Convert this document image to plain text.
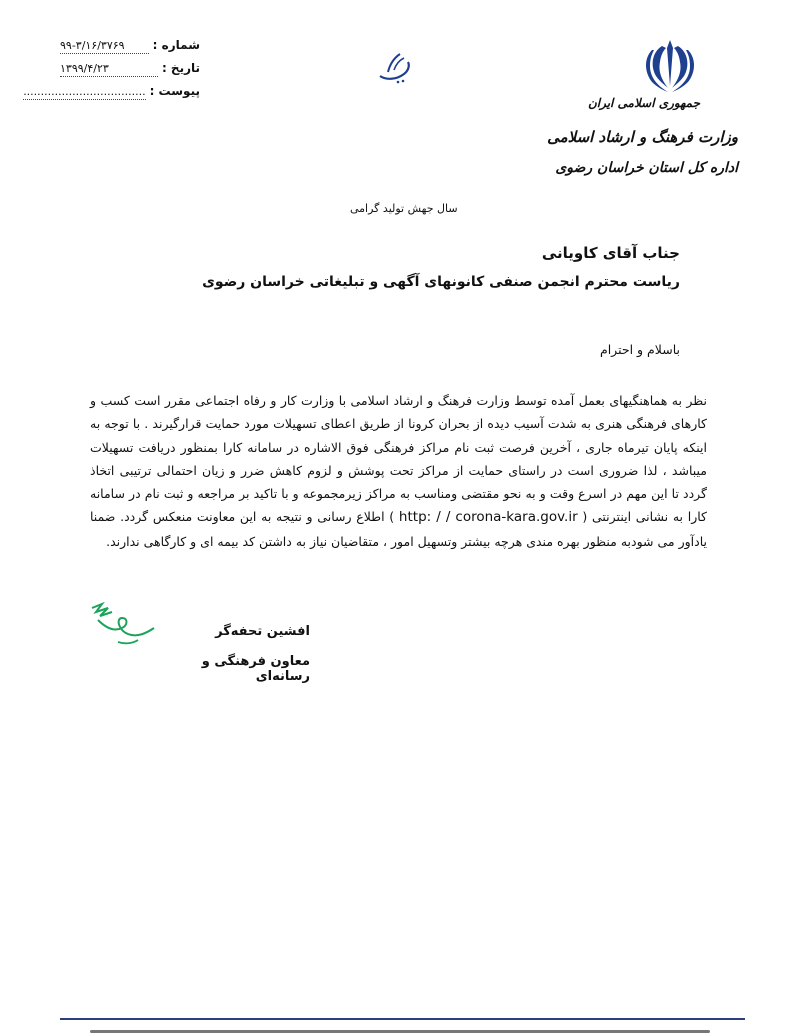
شماره :
۹۹-۳/۱۶/۳۷۶۹
تاریخ :
۱۳۹۹/۴/۲۳
پیوست :
...................................
جمهوری اسلامی ایران
وزارت فرهنگ و ارشاد اسلامی
اداره کل استان خراسان رضوی
سال جهش تولید گرامی
جناب آقای کاویانی
ریاست محترم انجمن صنفی کانونهای آگهی و تبلیغاتی خراسان رضوی
باسلام و احترام
نظر به هماهنگیهای بعمل آمده توسط وزارت فرهنگ و ارشاد اسلامی با وزارت کار و رفاه اجتماعی مقرر است کسب و کارهای فرهنگی هنری به شدت آسیب دیده از بحران کرونا از طریق اعطای تسهیلات مورد حمایت قرارگیرند . با توجه به اینکه پایان تیرماه جاری ، آخرین فرصت ثبت نام مراکز فرهنگی فوق الاشاره در سامانه کارا بمنظور دریافت تسهیلات میباشد ، لذا ضروری است در راستای حمایت از مراکز تحت پوشش و لزوم کاهش ضرر و زیان احتمالی ترتیبی اتخاذ گردد تا این مهم در اسرع وقت و به نحو مقتضی ومناسب به مراکز زیرمجموعه و با تاکید بر مراجعه و ثبت نام در سامانه کارا به نشانی اینترنتی ( http: / / corona-kara.gov.ir ) اطلاع رسانی و نتیجه به این معاونت منعکس گردد. ضمنا یادآور می شودبه منظور بهره مندی هرچه بیشتر وتسهیل امور ، متقاضیان نیاز به داشتن کد بیمه ای و کارگاهی ندارند.
افشین تحفه‌گر
معاون فرهنگی و رسانه‌ای
